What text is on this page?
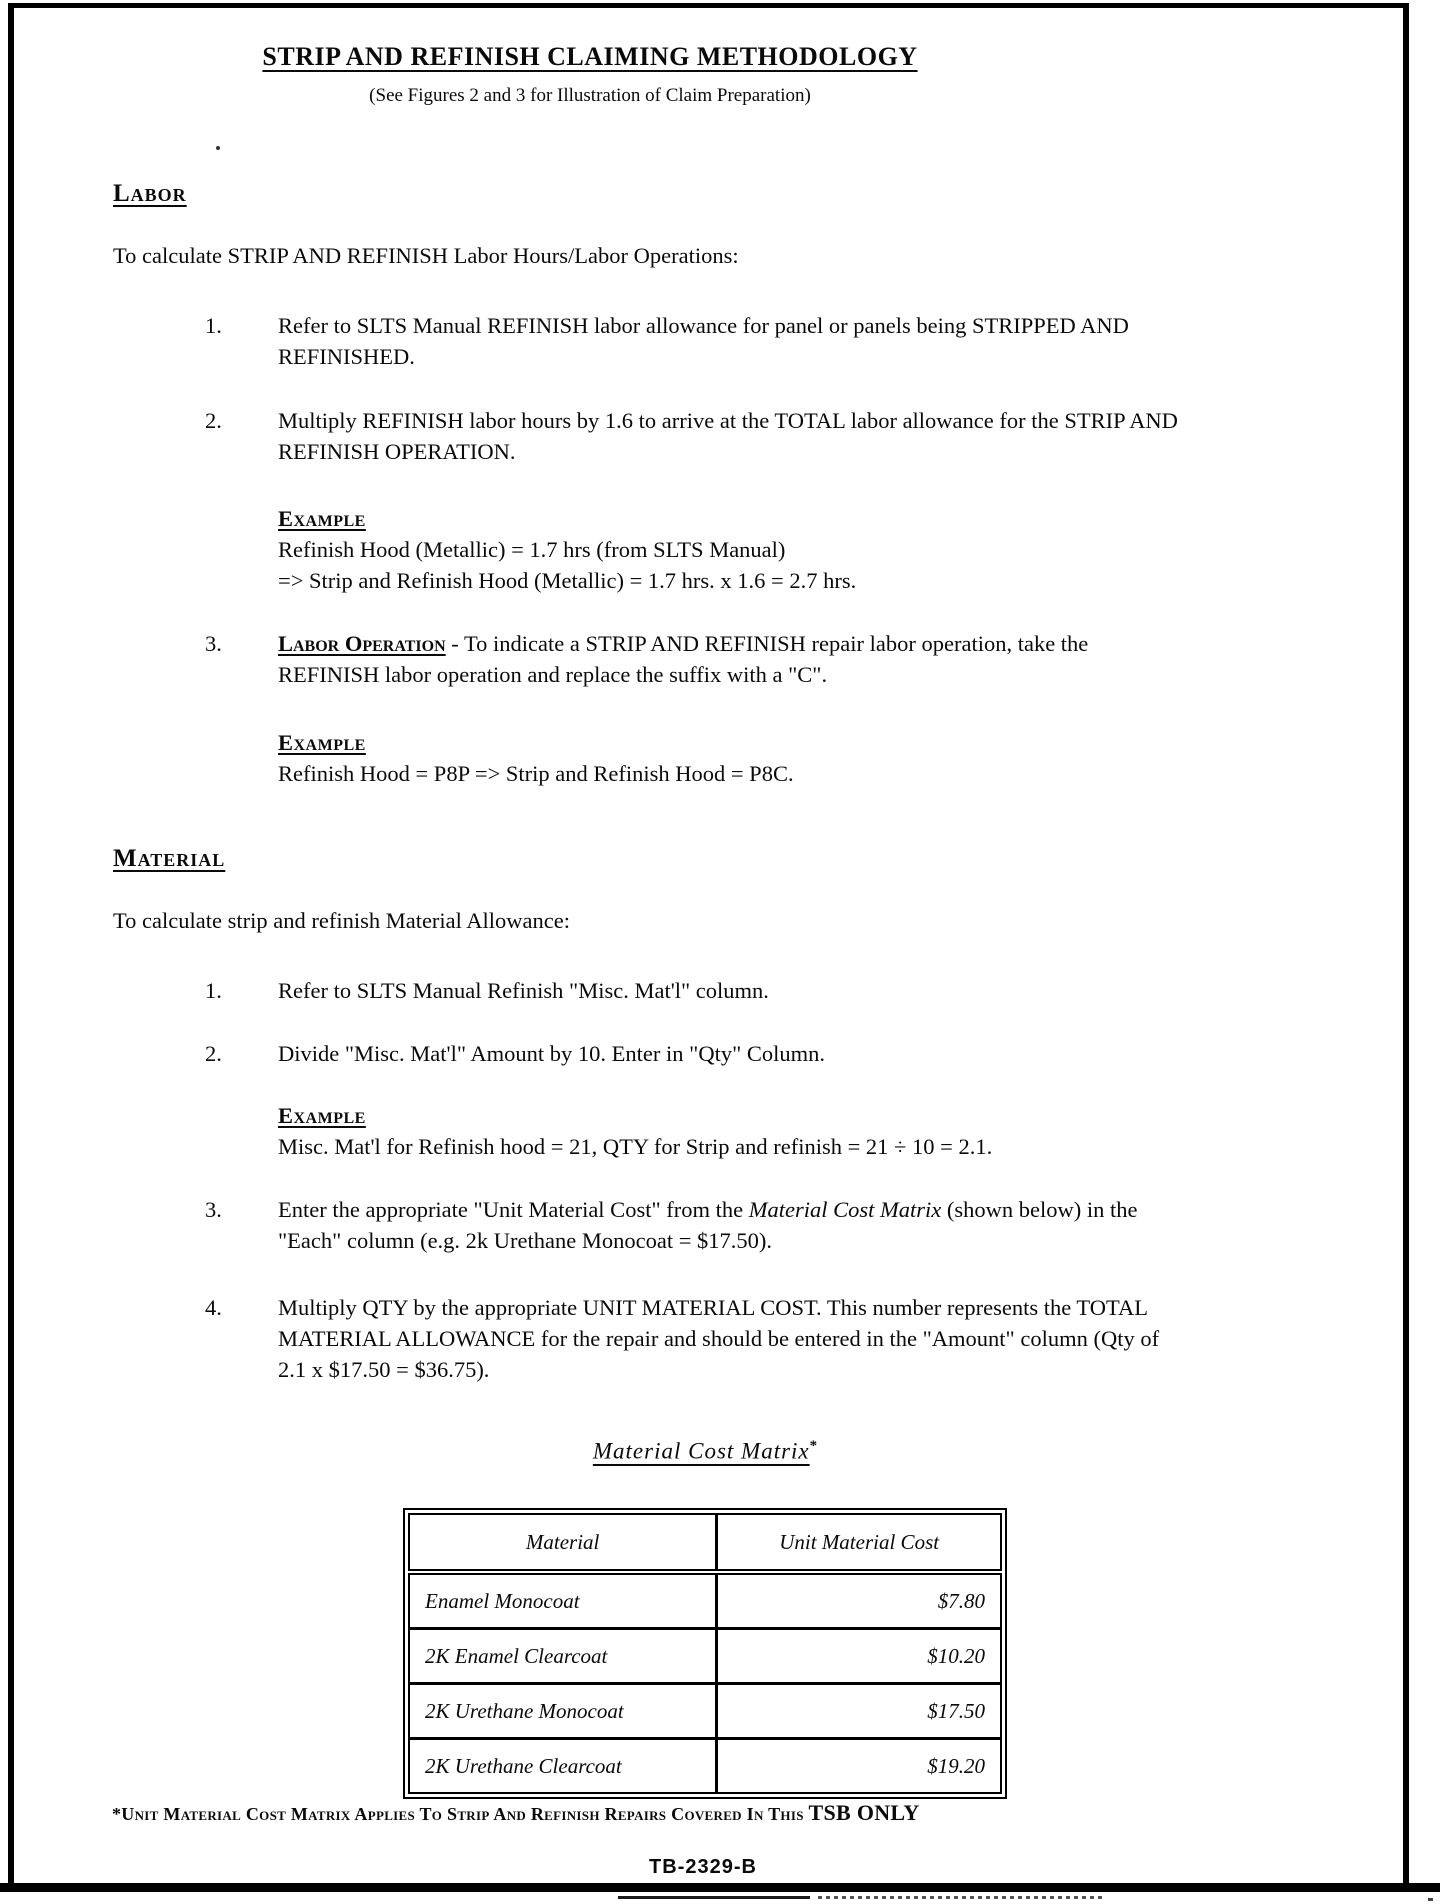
STRIP AND REFINISH CLAIMING METHODOLOGY
(See Figures 2 and 3 for Illustration of Claim Preparation)
Labor
To calculate STRIP AND REFINISH Labor Hours/Labor Operations:
1.	Refer to SLTS Manual REFINISH labor allowance for panel or panels being STRIPPED AND REFINISHED.
2.	Multiply REFINISH labor hours by 1.6 to arrive at the TOTAL labor allowance for the STRIP AND REFINISH OPERATION.
Example
Refinish Hood (Metallic) = 1.7 hrs (from SLTS Manual)
=> Strip and Refinish Hood (Metallic) = 1.7 hrs. x 1.6 = 2.7 hrs.
3.	Labor Operation - To indicate a STRIP AND REFINISH repair labor operation, take the REFINISH labor operation and replace the suffix with a "C".
Example
Refinish Hood = P8P => Strip and Refinish Hood = P8C.
Material
To calculate strip and refinish Material Allowance:
1.	Refer to SLTS Manual Refinish "Misc. Mat'l" column.
2.	Divide "Misc. Mat'l" Amount by 10. Enter in "Qty" Column.
Example
Misc. Mat'l for Refinish hood = 21, QTY for Strip and refinish = 21 ÷ 10 = 2.1.
3.	Enter the appropriate "Unit Material Cost" from the Material Cost Matrix (shown below) in the "Each" column (e.g. 2k Urethane Monocoat = $17.50).
4.	Multiply QTY by the appropriate UNIT MATERIAL COST. This number represents the TOTAL MATERIAL ALLOWANCE for the repair and should be entered in the "Amount" column (Qty of 2.1 x $17.50 = $36.75).
Material Cost Matrix*
Material	Unit Material Cost
Enamel Monocoat	$7.80
2K Enamel Clearcoat	$10.20
2K Urethane Monocoat	$17.50
2K Urethane Clearcoat	$19.20
*Unit Material Cost Matrix Applies To Strip And Refinish Repairs Covered In This TSB ONLY
TB-2329-B
